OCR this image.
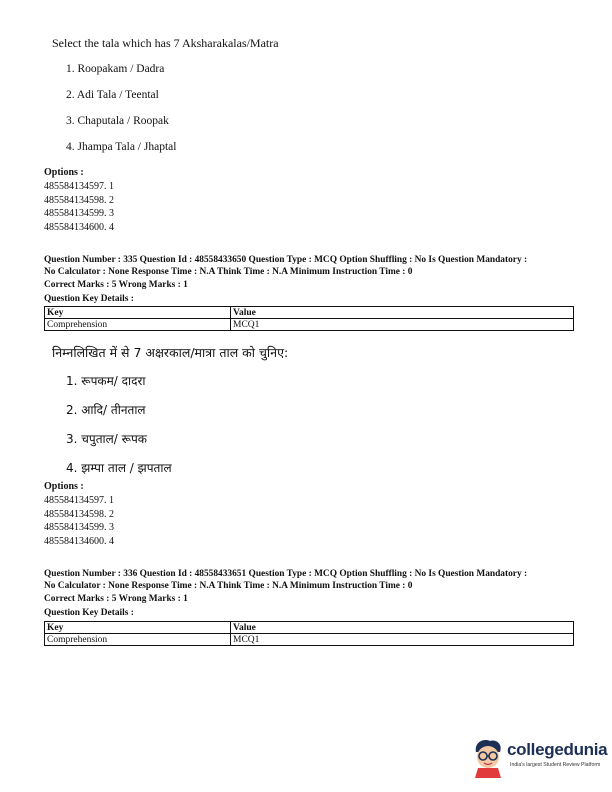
Select the tala which has 7 Aksharakalas/Matra
1. Roopakam / Dadra
2. Adi Tala / Teental
3. Chaputala / Roopak
4. Jhampa Tala / Jhaptal
Options :
485584134597. 1
485584134598. 2
485584134599. 3
485584134600. 4
Question Number : 335 Question Id : 48558433650 Question Type : MCQ Option Shuffling : No Is Question Mandatory :
No Calculator : None Response Time : N.A Think Time : N.A Minimum Instruction Time : 0
Correct Marks : 5 Wrong Marks : 1
Question Key Details :
Key	Value
Comprehension	MCQ1
निम्नलिखित में से 7 अक्षरकाल/मात्रा ताल को चुनिए:
1. रूपकम/ दादरा
2. आदि/ तीनताल
3. चपुताल/ रूपक
4. झम्पा ताल / झपताल
Options :
485584134597. 1
485584134598. 2
485584134599. 3
485584134600. 4
Question Number : 336 Question Id : 48558433651 Question Type : MCQ Option Shuffling : No Is Question Mandatory :
No Calculator : None Response Time : N.A Think Time : N.A Minimum Instruction Time : 0
Correct Marks : 5 Wrong Marks : 1
Question Key Details :
Key	Value
Comprehension	MCQ1
collegedunia
India's largest Student Review Platform
